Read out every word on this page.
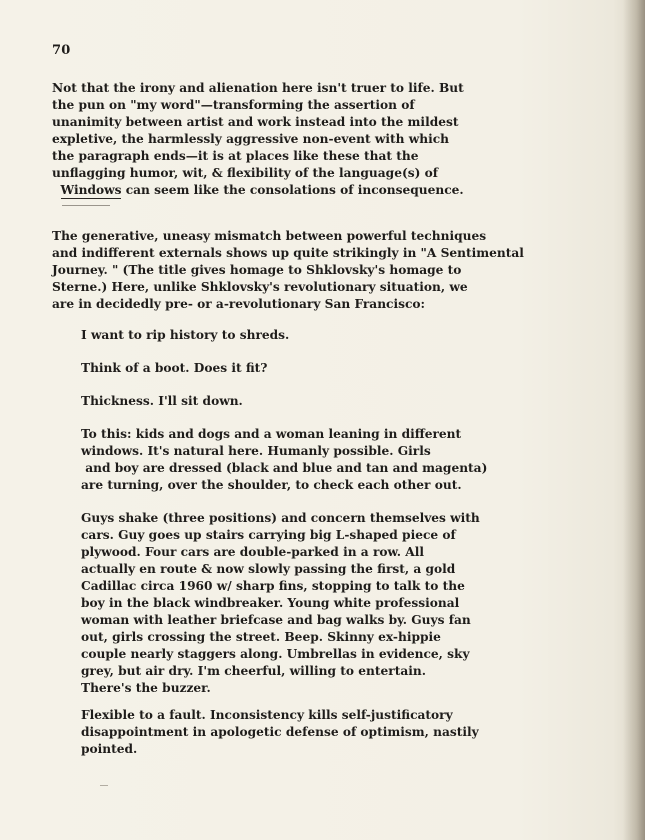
70
Not that the irony and alienation here isn't truer to life. But
the pun on "my word"—transforming the assertion of
unanimity between artist and work instead into the mildest
expletive, the harmlessly aggressive non-event with which
the paragraph ends—it is at places like these that the
unflagging humor, wit, & flexibility of the language(s) of
Windows can seem like the consolations of inconsequence.
The generative, uneasy mismatch between powerful techniques
and indifferent externals shows up quite strikingly in "A Sentimental
Journey. " (The title gives homage to Shklovsky's homage to
Sterne.) Here, unlike Shklovsky's revolutionary situation, we
are in decidedly pre- or a-revolutionary San Francisco:
I want to rip history to shreds.
Think of a boot. Does it fit?
Thickness. I'll sit down.
To this: kids and dogs and a woman leaning in different
windows. It's natural here. Humanly possible. Girls
and boy are dressed (black and blue and tan and magenta)
are turning, over the shoulder, to check each other out.
Guys shake (three positions) and concern themselves with
cars. Guy goes up stairs carrying big L-shaped piece of
plywood. Four cars are double-parked in a row. All
actually en route & now slowly passing the first, a gold
Cadillac circa 1960 w/ sharp fins, stopping to talk to the
boy in the black windbreaker. Young white professional
woman with leather briefcase and bag walks by. Guys fan
out, girls crossing the street. Beep. Skinny ex-hippie
couple nearly staggers along. Umbrellas in evidence, sky
grey, but air dry. I'm cheerful, willing to entertain.
There's the buzzer.
Flexible to a fault. Inconsistency kills self-justificatory
disappointment in apologetic defense of optimism, nastily
pointed.
